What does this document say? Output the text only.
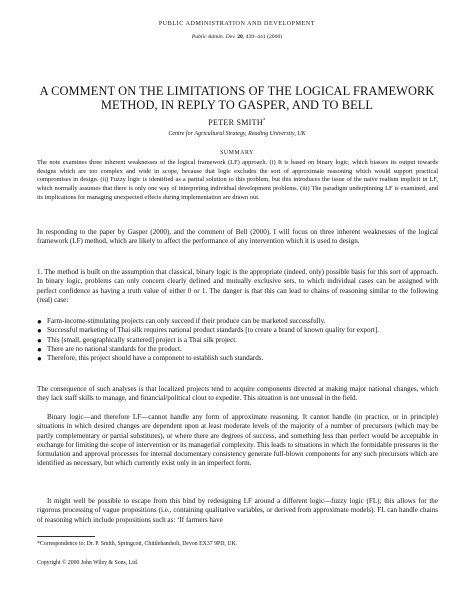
PUBLIC ADMINISTRATION AND DEVELOPMENT
Public Admin. Dev. 20, 439–441 (2000)
A COMMENT ON THE LIMITATIONS OF THE LOGICAL FRAMEWORK
METHOD, IN REPLY TO GASPER, AND TO BELL
PETER SMITH*
Centre for Agricultural Strategy, Reading University, UK
SUMMARY
The note examines three inherent weaknesses of the logical framework (LF) approach. (i) It is based on binary logic, which biasses its output towards designs which are too complex and wide in scope, because that logic excludes the sort of approximate reasoning which would support practical compromises in design. (ii) Fuzzy logic is identified as a partial solution to this problem, but this introduces the issue of the naive realism implicit in LF, which normally assumes that there is only one way of interpreting individual development problems. (iii) The paradigm underpinning LF is examined, and its implications for managing unexpected effects during implementation are drawn out.
In responding to the paper by Gasper (2000), and the comment of Bell (2000), I will focus on three inherent weaknesses of the logical framework (LF) method, which are likely to affect the performance of any intervention which it is used to design.
1. The method is built on the assumption that classical, binary logic is the appropriate (indeed, only) possible basis for this sort of approach. In binary logic, problems can only concern clearly defined and mutually exclusive sets, to which individual cases can be assigned with perfect confidence as having a truth value of either 0 or 1. The danger is that this can lead to chains of reasoning similar to the following (real) case:
● Farm-income-stimulating projects can only succeed if their produce can be marketed successfully.
● Successful marketing of Thai silk requires national product standards [to create a brand of known quality for export].
● This [small, geographically scattered] project is a Thai silk project.
● There are no national standards for the product.
● Therefore, this project should have a component to establish such standards.
The consequence of such analyses is that localized projects tend to acquire components directed at making major national changes, which they lack staff skills to manage, and financial/political clout to expedite. This situation is not unusual in the field.
Binary logic—and therefore LF—cannot handle any form of approximate reasoning. It cannot handle (in practice, or in principle) situations in which desired changes are dependent upon at least moderate levels of the majority of a number of precursors (which may be partly complementary or partial substitutes), or where there are degrees of success, and something less than perfect would be acceptable in exchange for limiting the scope of intervention or its managerial complexity. This leads to situations in which the formidable pressures in the formulation and approval processes for internal documentary consistency generate full-blown components for any such precursors which are identified as necessary, but which currently exist only in an imperfect form.
It might well be possible to escape from this bind by redesigning LF around a different logic—fuzzy logic (FL); this allows for the rigorous processing of vague propositions (i.e., containing qualitative variables, or derived from approximate models). FL can handle chains of reasoning which include propositions such as: ‘If farmers have
*Correspondence to: Dr. P. Smith, Springcott, Chittlehamholt, Devon EX37 9PD, UK.
Copyright © 2000 John Wiley & Sons, Ltd.
